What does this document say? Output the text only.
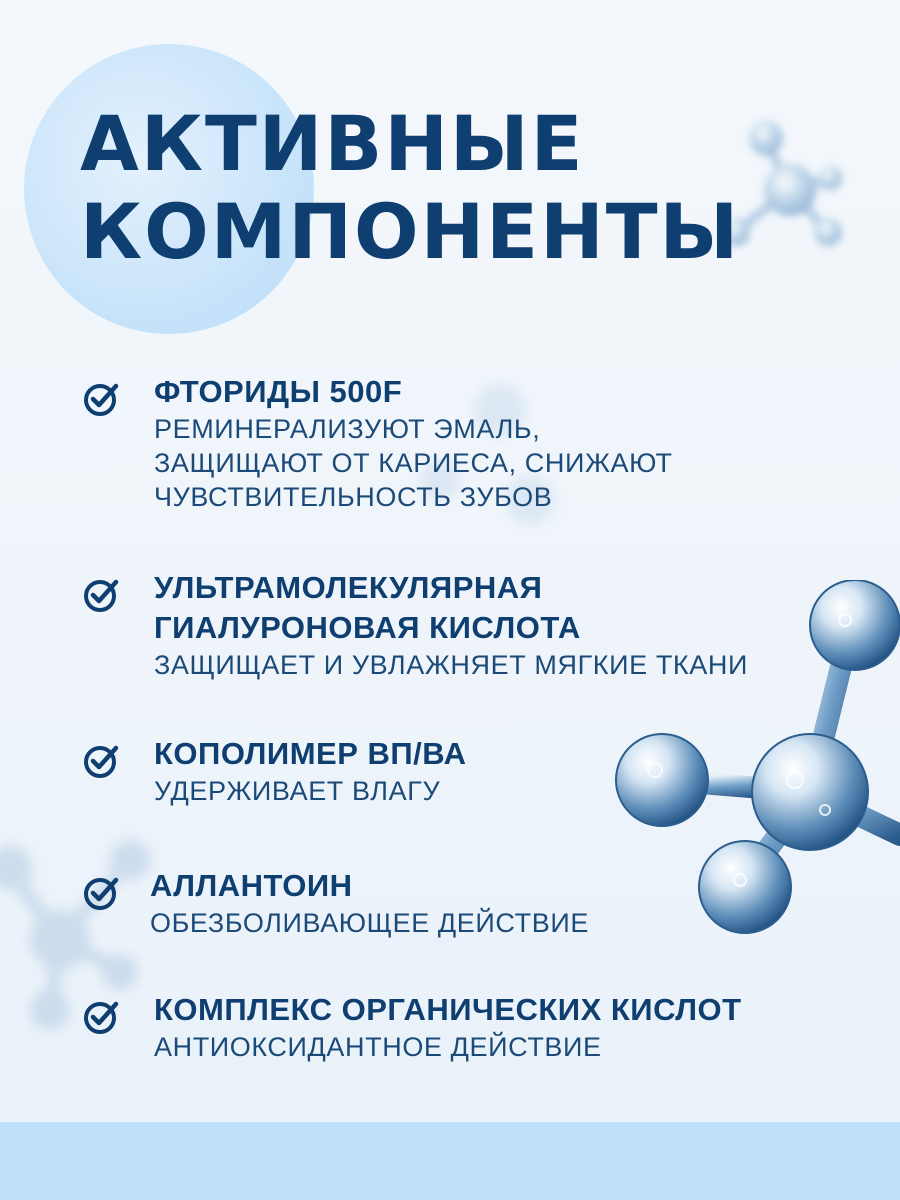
АКТИВНЫЕ
КОМПОНЕНТЫ
ФТОРИДЫ 500F
РЕМИНЕРАЛИЗУЮТ ЭМАЛЬ,
ЗАЩИЩАЮТ ОТ КАРИЕСА, СНИЖАЮТ
ЧУВСТВИТЕЛЬНОСТЬ ЗУБОВ
УЛЬТРАМОЛЕКУЛЯРНАЯ
ГИАЛУРОНОВАЯ КИСЛОТА
ЗАЩИЩАЕТ И УВЛАЖНЯЕТ МЯГКИЕ ТКАНИ
КОПОЛИМЕР ВП/ВА
УДЕРЖИВАЕТ ВЛАГУ
АЛЛАНТОИН
ОБЕЗБОЛИВАЮЩЕЕ ДЕЙСТВИЕ
КОМПЛЕКС ОРГАНИЧЕСКИХ КИСЛОТ
АНТИОКСИДАНТНОЕ ДЕЙСТВИЕ
